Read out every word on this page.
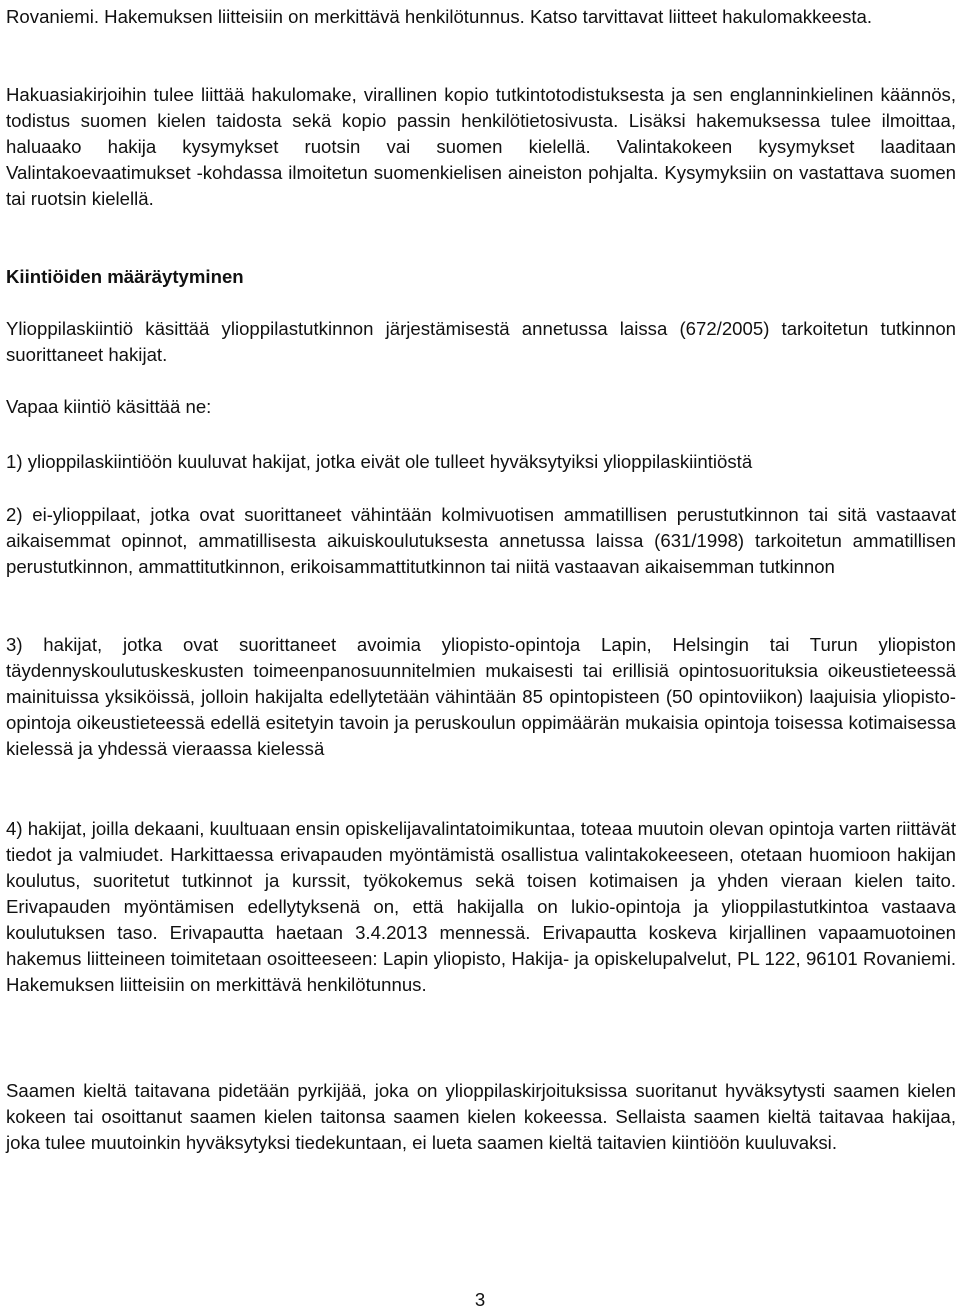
Rovaniemi. Hakemuksen liitteisiin on merkittävä henkilötunnus. Katso tarvittavat liitteet hakulomakkeesta.

Hakuasiakirjoihin tulee liittää hakulomake, virallinen kopio tutkintotodistuksesta ja sen englanninkielinen käännös, todistus suomen kielen taidosta sekä kopio passin henkilötietosivusta. Lisäksi hakemuksessa tulee ilmoittaa, haluaako hakija kysymykset ruotsin vai suomen kielellä. Valintakokeen kysymykset laaditaan Valintakoevaatimukset -kohdassa ilmoitetun suomenkielisen aineiston pohjalta. Kysymyksiin on vastattava suomen tai ruotsin kielellä.

Kiintiöiden määräytyminen

Ylioppilaskiintiö käsittää ylioppilastutkinnon järjestämisestä annetussa laissa (672/2005) tarkoitetun tutkinnon suorittaneet hakijat.

Vapaa kiintiö käsittää ne:

1) ylioppilaskiintiöön kuuluvat hakijat, jotka eivät ole tulleet hyväksytyiksi ylioppilaskiintiöstä

2) ei-ylioppilaat, jotka ovat suorittaneet vähintään kolmivuotisen ammatillisen perustutkinnon tai sitä vastaavat aikaisemmat opinnot, ammatillisesta aikuiskoulutuksesta annetussa laissa (631/1998) tarkoitetun ammatillisen perustutkinnon, ammattitutkinnon, erikoisammattitutkinnon tai niitä vastaavan aikaisemman tutkinnon

3) hakijat, jotka ovat suorittaneet avoimia yliopisto-opintoja Lapin, Helsingin tai Turun yliopiston täydennyskoulutuskeskusten toimeenpanosuunnitelmien mukaisesti tai erillisiä opintosuorituksia oikeustieteessä mainituissa yksiköissä, jolloin hakijalta edellytetään vähintään 85 opintopisteen (50 opintoviikon) laajuisia yliopisto-opintoja oikeustieteessä edellä esitetyin tavoin ja peruskoulun oppimäärän mukaisia opintoja toisessa kotimaisessa kielessä ja yhdessä vieraassa kielessä

4) hakijat, joilla dekaani, kuultuaan ensin opiskelijavalintatoimikuntaa, toteaa muutoin olevan opintoja varten riittävät tiedot ja valmiudet. Harkittaessa erivapauden myöntämistä osallistua valintakokeeseen, otetaan huomioon hakijan koulutus, suoritetut tutkinnot ja kurssit, työkokemus sekä toisen kotimaisen ja yhden vieraan kielen taito. Erivapauden myöntämisen edellytyksenä on, että hakijalla on lukio-opintoja ja ylioppilastutkintoa vastaava koulutuksen taso. Erivapautta haetaan 3.4.2013 mennessä. Erivapautta koskeva kirjallinen vapaamuotoinen hakemus liitteineen toimitetaan osoitteeseen: Lapin yliopisto, Hakija- ja opiskelupalvelut, PL 122, 96101 Rovaniemi. Hakemuksen liitteisiin on merkittävä henkilötunnus.

Saamen kieltä taitavana pidetään pyrkijää, joka on ylioppilaskirjoituksissa suoritanut hyväksytysti saamen kielen kokeen tai osoittanut saamen kielen taitonsa saamen kielen kokeessa. Sellaista saamen kieltä taitavaa hakijaa, joka tulee muutoinkin hyväksytyksi tiedekuntaan, ei lueta saamen kieltä taitavien kiintiöön kuuluvaksi.

3
